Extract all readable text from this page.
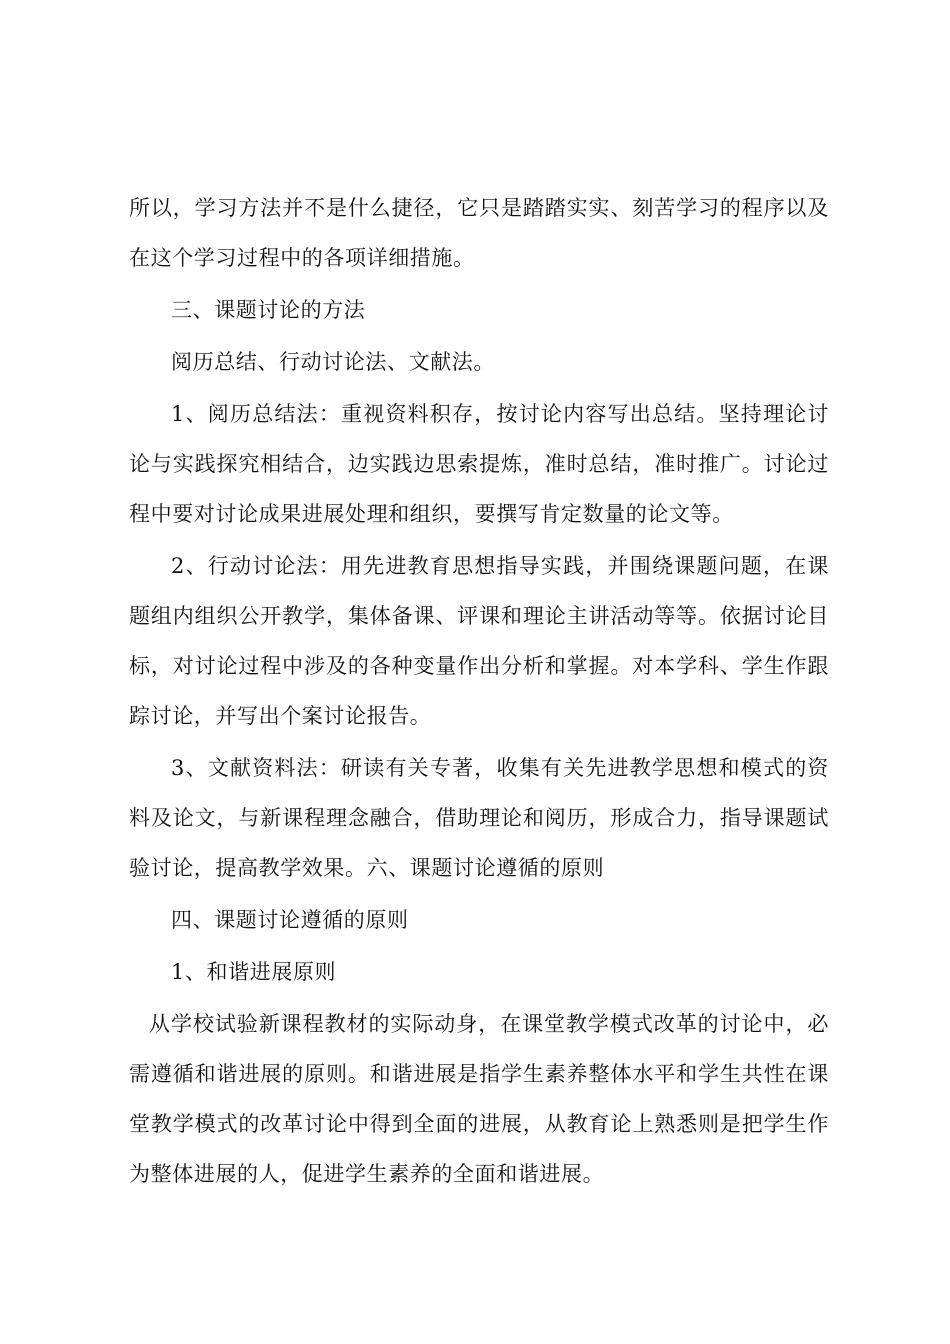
所以，学习方法并不是什么捷径，它只是踏踏实实、刻苦学习的程序以及在这个学习过程中的各项详细措施。

三、课题讨论的方法

阅历总结、行动讨论法、文献法。

1、阅历总结法：重视资料积存，按讨论内容写出总结。坚持理论讨论与实践探究相结合，边实践边思索提炼，准时总结，准时推广。讨论过程中要对讨论成果进展处理和组织，要撰写肯定数量的论文等。

2、行动讨论法：用先进教育思想指导实践，并围绕课题问题，在课题组内组织公开教学，集体备课、评课和理论主讲活动等等。依据讨论目标，对讨论过程中涉及的各种变量作出分析和掌握。对本学科、学生作跟踪讨论，并写出个案讨论报告。

3、文献资料法：研读有关专著，收集有关先进教学思想和模式的资料及论文，与新课程理念融合，借助理论和阅历，形成合力，指导课题试验讨论，提高教学效果。六、课题讨论遵循的原则

四、课题讨论遵循的原则

1、和谐进展原则

从学校试验新课程教材的实际动身，在课堂教学模式改革的讨论中，必需遵循和谐进展的原则。和谐进展是指学生素养整体水平和学生共性在课堂教学模式的改革讨论中得到全面的进展，从教育论上熟悉则是把学生作为整体进展的人，促进学生素养的全面和谐进展。
